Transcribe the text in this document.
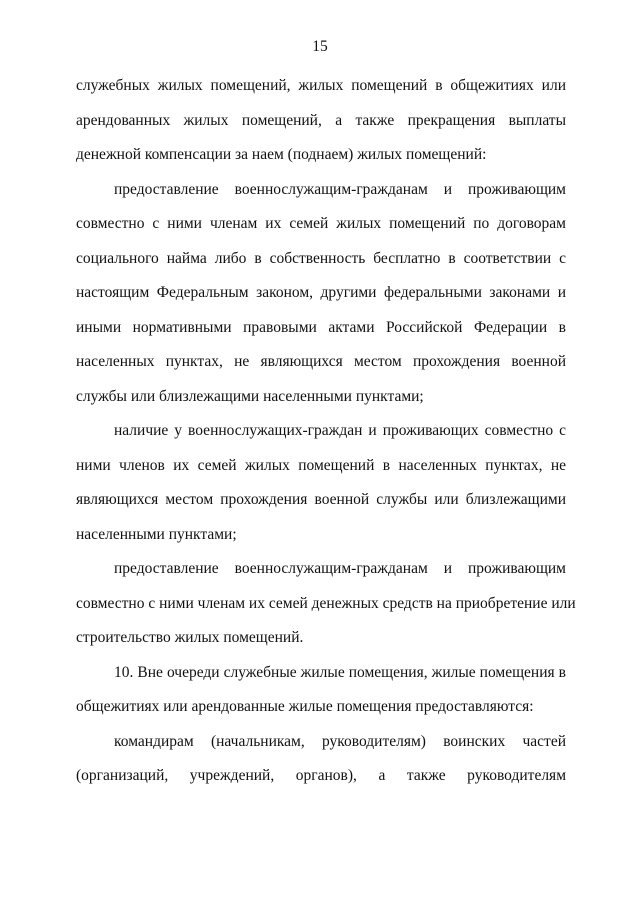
15
служебных жилых помещений, жилых помещений в общежитиях или
арендованных жилых помещений, а также прекращения выплаты
денежной компенсации за наем (поднаем) жилых помещений:
предоставление военнослужащим-гражданам и проживающим
совместно с ними членам их семей жилых помещений по договорам
социального найма либо в собственность бесплатно в соответствии с
настоящим Федеральным законом, другими федеральными законами и
иными нормативными правовыми актами Российской Федерации в
населенных пунктах, не являющихся местом прохождения военной
службы или близлежащими населенными пунктами;
наличие у военнослужащих-граждан и проживающих совместно с
ними членов их семей жилых помещений в населенных пунктах, не
являющихся местом прохождения военной службы или близлежащими
населенными пунктами;
предоставление военнослужащим-гражданам и проживающим
совместно с ними членам их семей денежных средств на приобретение или
строительство жилых помещений.
10. Вне очереди служебные жилые помещения, жилые помещения в
общежитиях или арендованные жилые помещения предоставляются:
командирам (начальникам, руководителям) воинских частей
(организаций, учреждений, органов), а также руководителям
